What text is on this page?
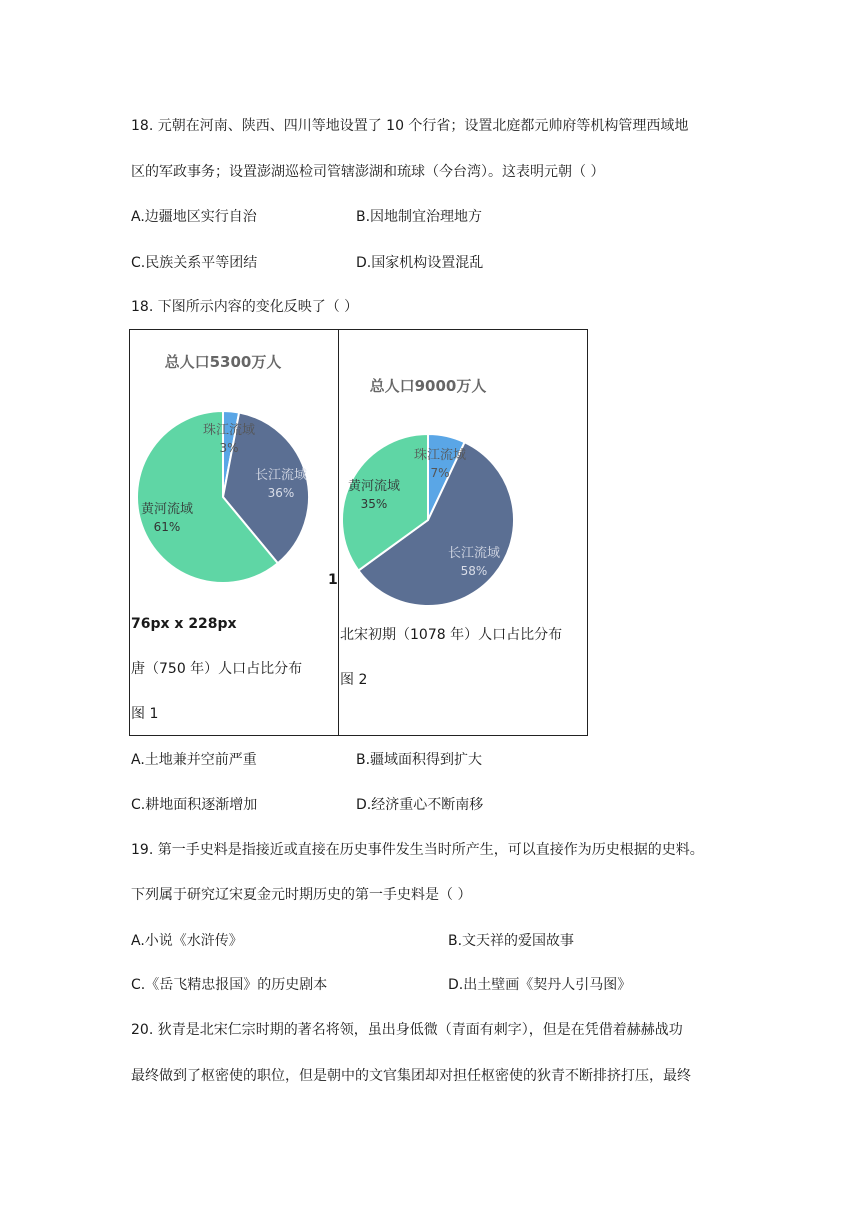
18. 元朝在河南、陕西、四川等地设置了 10 个行省；设置北庭都元帅府等机构管理西域地
区的军政事务；设置澎湖巡检司管辖澎湖和琉球（今台湾）。这表明元朝（ ）
A.边疆地区实行自治	B.因地制宜治理地方
C.民族关系平等团结	D.国家机构设置混乱
18. 下图所示内容的变化反映了（ ）
总人口5300万人
珠江流域
3%
长江流域
36%
黄河流域
61%
总人口9000万人
珠江流域
7%
长江流域
58%
黄河流域
35%
1
76px x 228px
唐（750 年）人口占比分布
图 1
北宋初期（1078 年）人口占比分布
图 2
A.土地兼并空前严重	B.疆域面积得到扩大
C.耕地面积逐渐增加	D.经济重心不断南移
19. 第一手史料是指接近或直接在历史事件发生当时所产生，可以直接作为历史根据的史料。
下列属于研究辽宋夏金元时期历史的第一手史料是（ ）
A.小说《水浒传》	B.文天祥的爱国故事
C.《岳飞精忠报国》的历史剧本	D.出土壁画《契丹人引马图》
20. 狄青是北宋仁宗时期的著名将领，虽出身低微（青面有刺字），但是在凭借着赫赫战功
最终做到了枢密使的职位，但是朝中的文官集团却对担任枢密使的狄青不断排挤打压，最终
